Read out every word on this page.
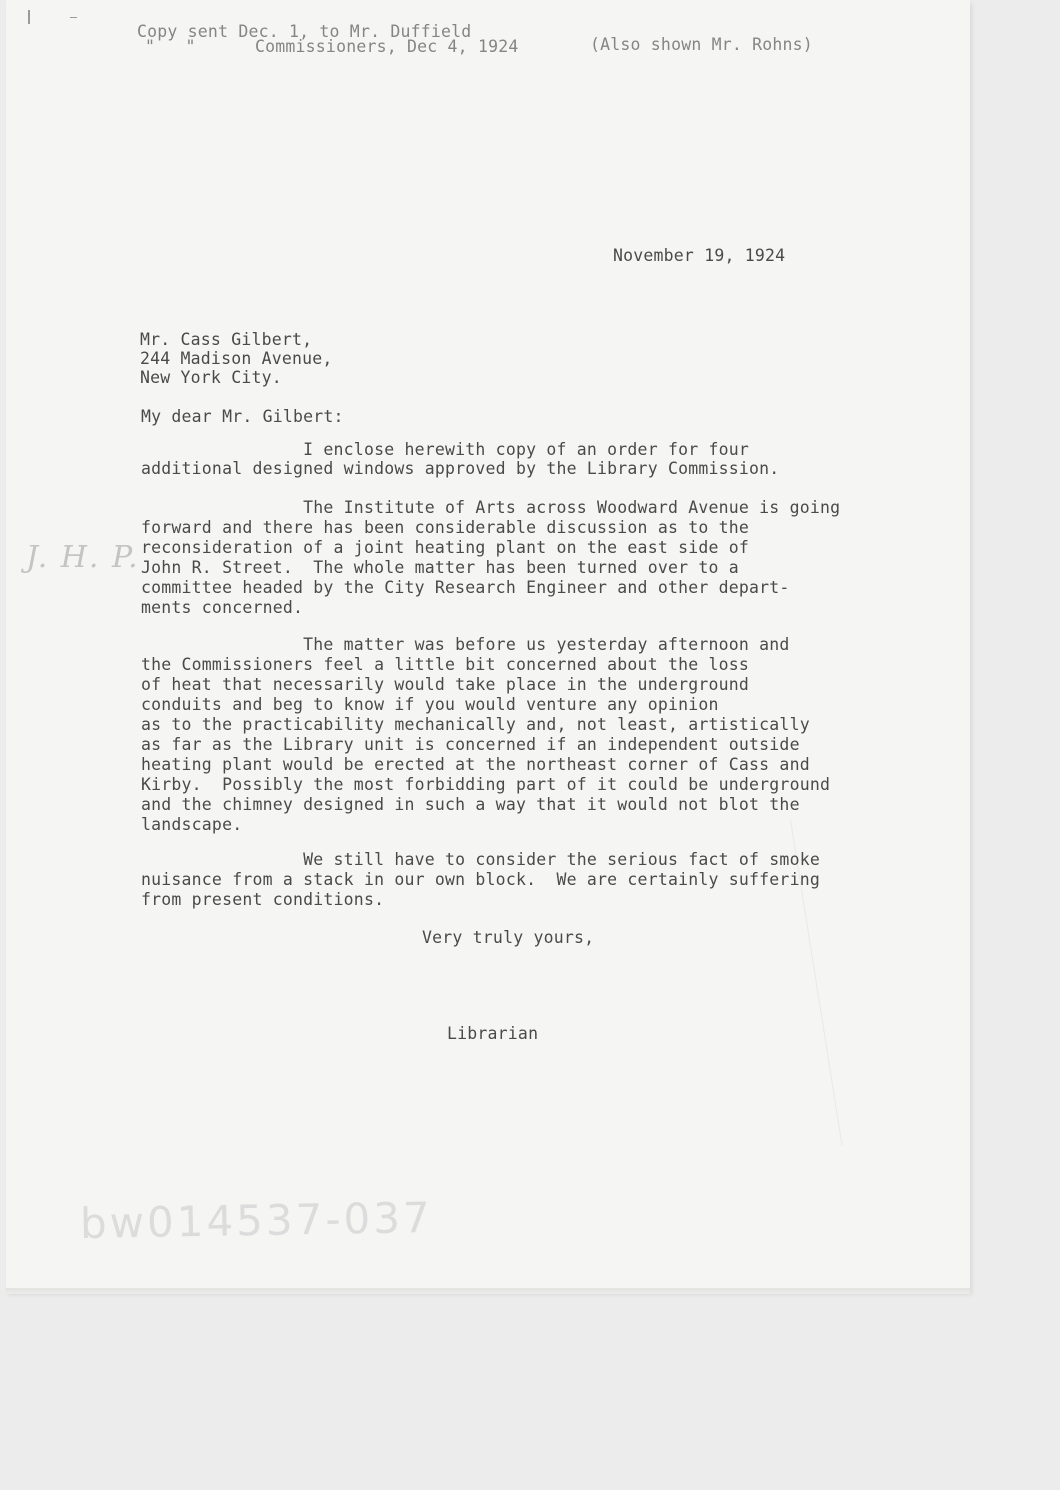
Copy sent Dec. 1, to Mr. Duffield
"   "	Commissioners, Dec 4, 1924	(Also shown Mr. Rohns)
November 19, 1924
Mr. Cass Gilbert,
244 Madison Avenue,
New York City.
My dear Mr. Gilbert:
I enclose herewith copy of an order for four
additional designed windows approved by the Library Commission.
The Institute of Arts across Woodward Avenue is going
forward and there has been considerable discussion as to the
reconsideration of a joint heating plant on the east side of
John R. Street.  The whole matter has been turned over to a
committee headed by the City Research Engineer and other depart-
ments concerned.
The matter was before us yesterday afternoon and
the Commissioners feel a little bit concerned about the loss
of heat that necessarily would take place in the underground
conduits and beg to know if you would venture any opinion
as to the practicability mechanically and, not least, artistically
as far as the Library unit is concerned if an independent outside
heating plant would be erected at the northeast corner of Cass and
Kirby.  Possibly the most forbidding part of it could be underground
and the chimney designed in such a way that it would not blot the
landscape.
We still have to consider the serious fact of smoke
nuisance from a stack in our own block.  We are certainly suffering
from present conditions.
Very truly yours,
Librarian
J. H. P.
bw014537-037
